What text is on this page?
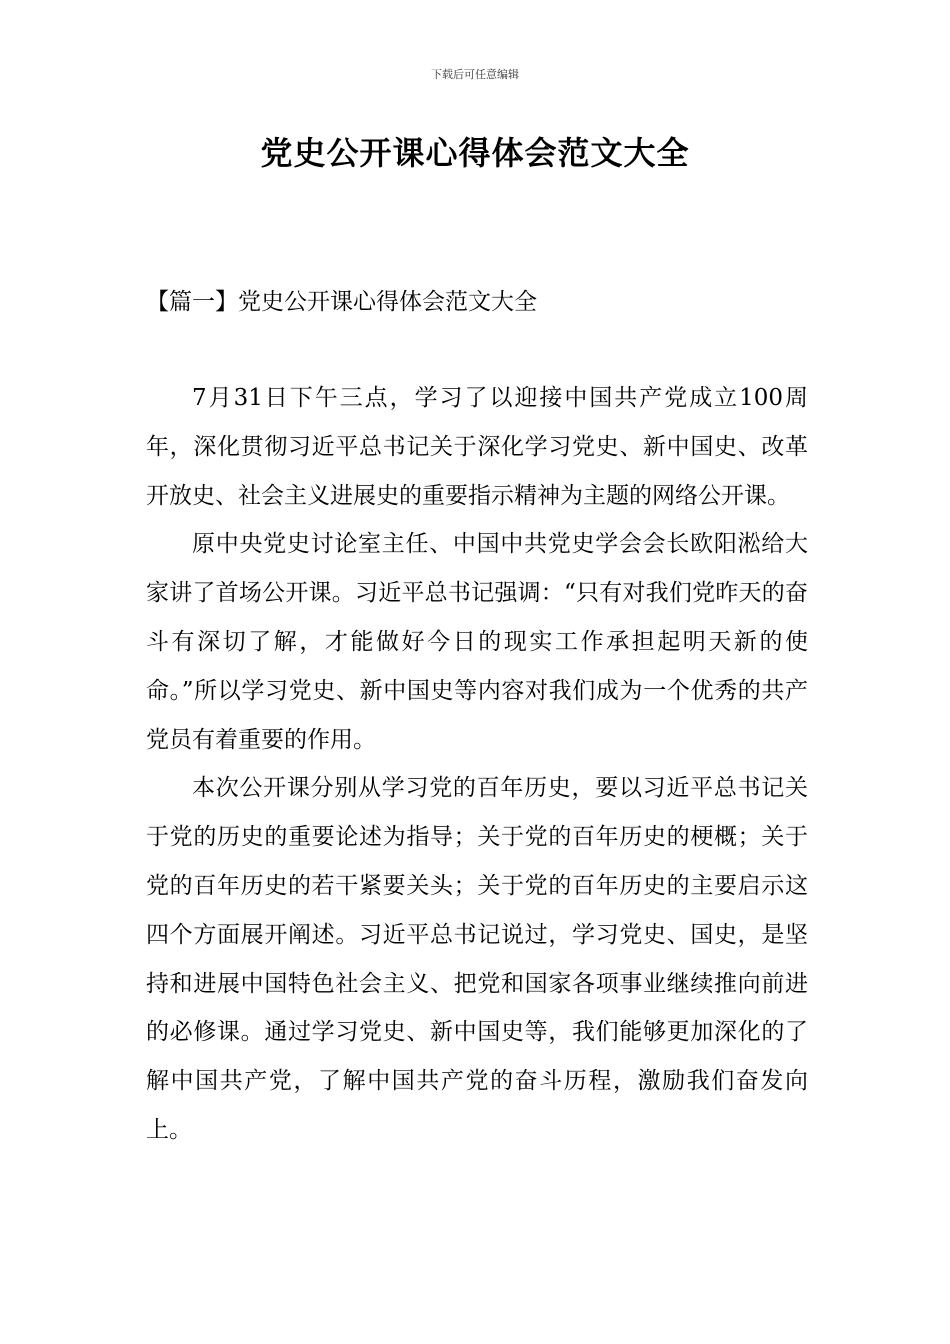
下载后可任意编辑
党史公开课心得体会范文大全
【篇一】党史公开课心得体会范文大全

7月31日下午三点，学习了以迎接中国共产党成立100周年，深化贯彻习近平总书记关于深化学习党史、新中国史、改革开放史、社会主义进展史的重要指示精神为主题的网络公开课。

原中央党史讨论室主任、中国中共党史学会会长欧阳淞给大家讲了首场公开课。习近平总书记强调：“只有对我们党昨天的奋斗有深切了解，才能做好今日的现实工作承担起明天新的使命。”所以学习党史、新中国史等内容对我们成为一个优秀的共产党员有着重要的作用。

本次公开课分别从学习党的百年历史，要以习近平总书记关于党的历史的重要论述为指导；关于党的百年历史的梗概；关于党的百年历史的若干紧要关头；关于党的百年历史的主要启示这四个方面展开阐述。习近平总书记说过，学习党史、国史，是坚持和进展中国特色社会主义、把党和国家各项事业继续推向前进的必修课。通过学习党史、新中国史等，我们能够更加深化的了解中国共产党，了解中国共产党的奋斗历程，激励我们奋发向上。
